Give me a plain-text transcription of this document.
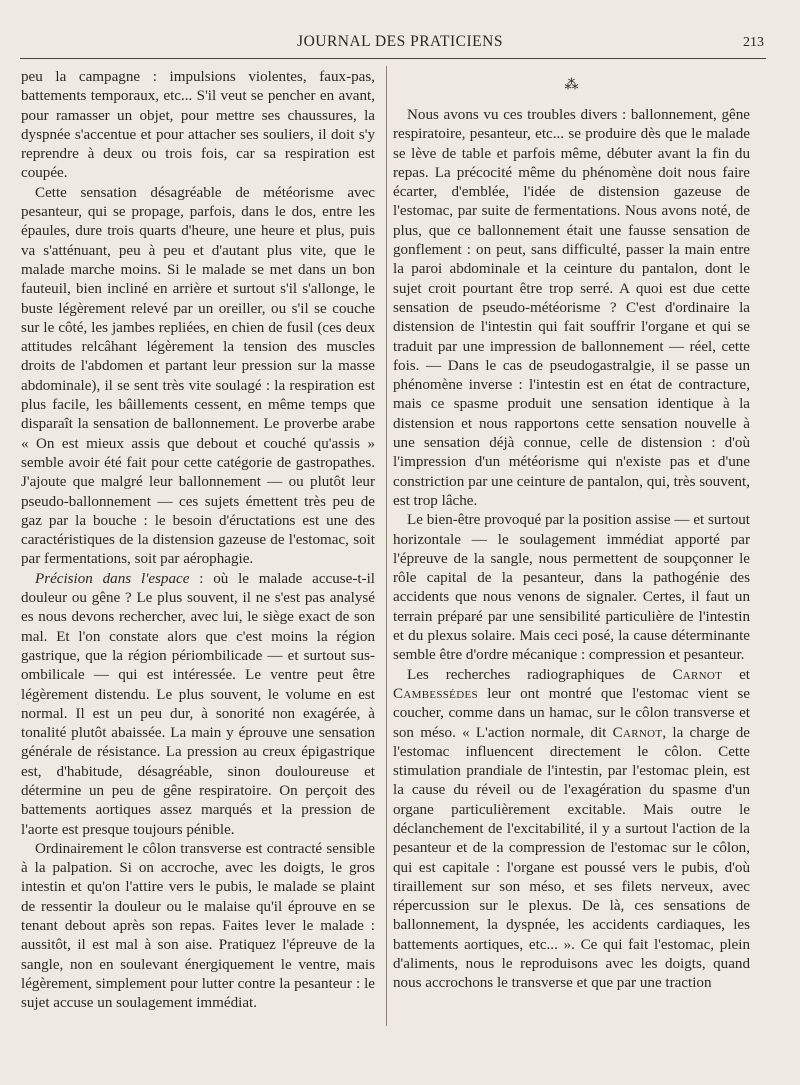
JOURNAL DES PRATICIENS	213

peu la campagne : impulsions violentes, faux-pas, battements temporaux, etc... S'il veut se pencher en avant, pour ramasser un objet, pour mettre ses chaussures, la dyspnée s'accentue et pour attacher ses souliers, il doit s'y reprendre à deux ou trois fois, car sa respiration est coupée.

Cette sensation désagréable de météorisme avec pesanteur, qui se propage, parfois, dans le dos, entre les épaules, dure trois quarts d'heure, une heure et plus, puis va s'atténuant, peu à peu et d'autant plus vite, que le malade marche moins. Si le malade se met dans un bon fauteuil, bien incliné en arrière et surtout s'il s'allonge, le buste légèrement relevé par un oreiller, ou s'il se couche sur le côté, les jambes repliées, en chien de fusil (ces deux attitudes relcâhant légèrement la tension des muscles droits de l'abdomen et partant leur pression sur la masse abdominale), il se sent très vite soulagé : la respiration est plus facile, les bâillements cessent, en même temps que disparaît la sensation de ballonnement. Le proverbe arabe « On est mieux assis que debout et couché qu'assis » semble avoir été fait pour cette catégorie de gastropathes. J'ajoute que malgré leur ballonnement — ou plutôt leur pseudo-ballonnement — ces sujets émettent très peu de gaz par la bouche : le besoin d'éructations est une des caractéristiques de la distension gazeuse de l'estomac, soit par fermentations, soit par aérophagie.

Précision dans l'espace : où le malade accuse-t-il douleur ou gêne ? Le plus souvent, il ne s'est pas analysé es nous devons rechercher, avec lui, le siège exact de son mal. Et l'on constate alors que c'est moins la région gastrique, que la région périombilicade — et surtout sus-ombilicale — qui est intéressée. Le ventre peut être légèrement distendu. Le plus souvent, le volume en est normal. Il est un peu dur, à sonorité non exagérée, à tonalité plutôt abaissée. La main y éprouve une sensation générale de résistance. La pression au creux épigastrique est, d'habitude, désagréable, sinon douloureuse et détermine un peu de gêne respiratoire. On perçoit des battements aortiques assez marqués et la pression de l'aorte est presque toujours pénible.

Ordinairement le côlon transverse est contracté sensible à la palpation. Si on accroche, avec les doigts, le gros intestin et qu'on l'attire vers le pubis, le malade se plaint de ressentir la douleur ou le malaise qu'il éprouve en se tenant debout après son repas. Faites lever le malade : aussitôt, il est mal à son aise. Pratiquez l'épreuve de la sangle, non en soulevant énergiquement le ventre, mais légèrement, simplement pour lutter contre la pesanteur : le sujet accuse un soulagement immédiat.

⁂

Nous avons vu ces troubles divers : ballonnement, gêne respiratoire, pesanteur, etc... se produire dès que le malade se lève de table et parfois même, débuter avant la fin du repas. La précocité même du phénomène doit nous faire écarter, d'emblée, l'idée de distension gazeuse de l'estomac, par suite de fermentations. Nous avons noté, de plus, que ce ballonnement était une fausse sensation de gonflement : on peut, sans difficulté, passer la main entre la paroi abdominale et la ceinture du pantalon, dont le sujet croit pourtant être trop serré. A quoi est due cette sensation de pseudo-météorisme ? C'est d'ordinaire la distension de l'intestin qui fait souffrir l'organe et qui se traduit par une impression de ballonnement — réel, cette fois. — Dans le cas de pseudogastralgie, il se passe un phénomène inverse : l'intestin est en état de contracture, mais ce spasme produit une sensation identique à la distension et nous rapportons cette sensation nouvelle à une sensation déjà connue, celle de distension : d'où l'impression d'un météorisme qui n'existe pas et d'une constriction par une ceinture de pantalon, qui, très souvent, est trop lâche.

Le bien-être provoqué par la position assise — et surtout horizontale — le soulagement immédiat apporté par l'épreuve de la sangle, nous permettent de soupçonner le rôle capital de la pesanteur, dans la pathogénie des accidents que nous venons de signaler. Certes, il faut un terrain préparé par une sensibilité particulière de l'intestin et du plexus solaire. Mais ceci posé, la cause déterminante semble être d'ordre mécanique : compression et pesanteur.

Les recherches radiographiques de Carnot et Cambessédes leur ont montré que l'estomac vient se coucher, comme dans un hamac, sur le côlon transverse et son méso. « L'action normale, dit Carnot, la charge de l'estomac influencent directement le côlon. Cette stimulation prandiale de l'intestin, par l'estomac plein, est la cause du réveil ou de l'exagération du spasme d'un organe particulièrement excitable. Mais outre le déclanchement de l'excitabilité, il y a surtout l'action de la pesanteur et de la compression de l'estomac sur le côlon, qui est capitale : l'organe est poussé vers le pubis, d'où tiraillement sur son méso, et ses filets nerveux, avec répercussion sur le plexus. De là, ces sensations de ballonnement, la dyspnée, les accidents cardiaques, les battements aortiques, etc... ». Ce qui fait l'estomac, plein d'aliments, nous le reproduisons avec les doigts, quand nous accrochons le transverse et que par une traction
